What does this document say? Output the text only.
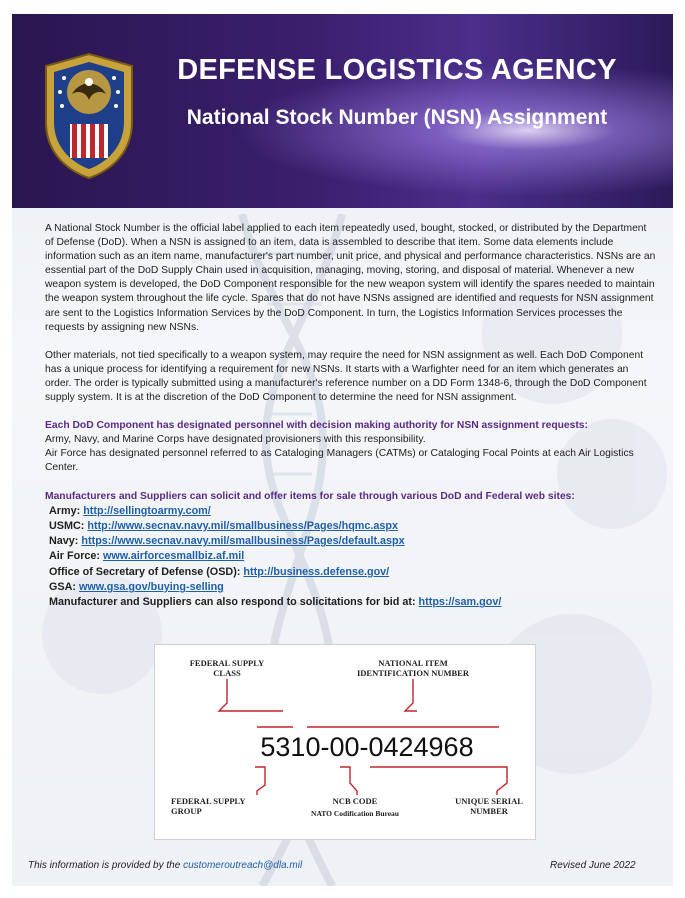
DEFENSE LOGISTICS AGENCY
National Stock Number (NSN) Assignment

A National Stock Number is the official label applied to each item repeatedly used, bought, stocked, or distributed by the Department of Defense (DoD). When a NSN is assigned to an item, data is assembled to describe that item. Some data elements include information such as an item name, manufacturer's part number, unit price, and physical and performance characteristics. NSNs are an essential part of the DoD Supply Chain used in acquisition, managing, moving, storing, and disposal of material. Whenever a new weapon system is developed, the DoD Component responsible for the new weapon system will identify the spares needed to maintain the weapon system throughout the life cycle. Spares that do not have NSNs assigned are identified and requests for NSN assignment are sent to the Logistics Information Services by the DoD Component. In turn, the Logistics Information Services processes the requests by assigning new NSNs.

Other materials, not tied specifically to a weapon system, may require the need for NSN assignment as well. Each DoD Component has a unique process for identifying a requirement for new NSNs. It starts with a Warfighter need for an item which generates an order. The order is typically submitted using a manufacturer's reference number on a DD Form 1348-6, through the DoD Component supply system. It is at the discretion of the DoD Component to determine the need for NSN assignment.

Each DoD Component has designated personnel with decision making authority for NSN assignment requests:
Army, Navy, and Marine Corps have designated provisioners with this responsibility.
Air Force has designated personnel referred to as Cataloging Managers (CATMs) or Cataloging Focal Points at each Air Logistics Center.
Manufacturers and Suppliers can solicit and offer items for sale through various DoD and Federal web sites:
Army: http://sellingtoarmy.com/
USMC: http://www.secnav.navy.mil/smallbusiness/Pages/hqmc.aspx
Navy: https://www.secnav.navy.mil/smallbusiness/Pages/default.aspx
Air Force: www.airforcesmallbiz.af.mil
Office of Secretary of Defense (OSD): http://business.defense.gov/
GSA: www.gsa.gov/buying-selling
Manufacturer and Suppliers can also respond to solicitations for bid at: https://sam.gov/
FEDERAL SUPPLY
CLASS
NATIONAL ITEM
IDENTIFICATION NUMBER
FEDERAL SUPPLY
GROUP
NCB CODE
NATO Codification Bureau
UNIQUE SERIAL
NUMBER
5310-00-0424968
This information is provided by the customeroutreach@dla.mil	Revised June 2022
